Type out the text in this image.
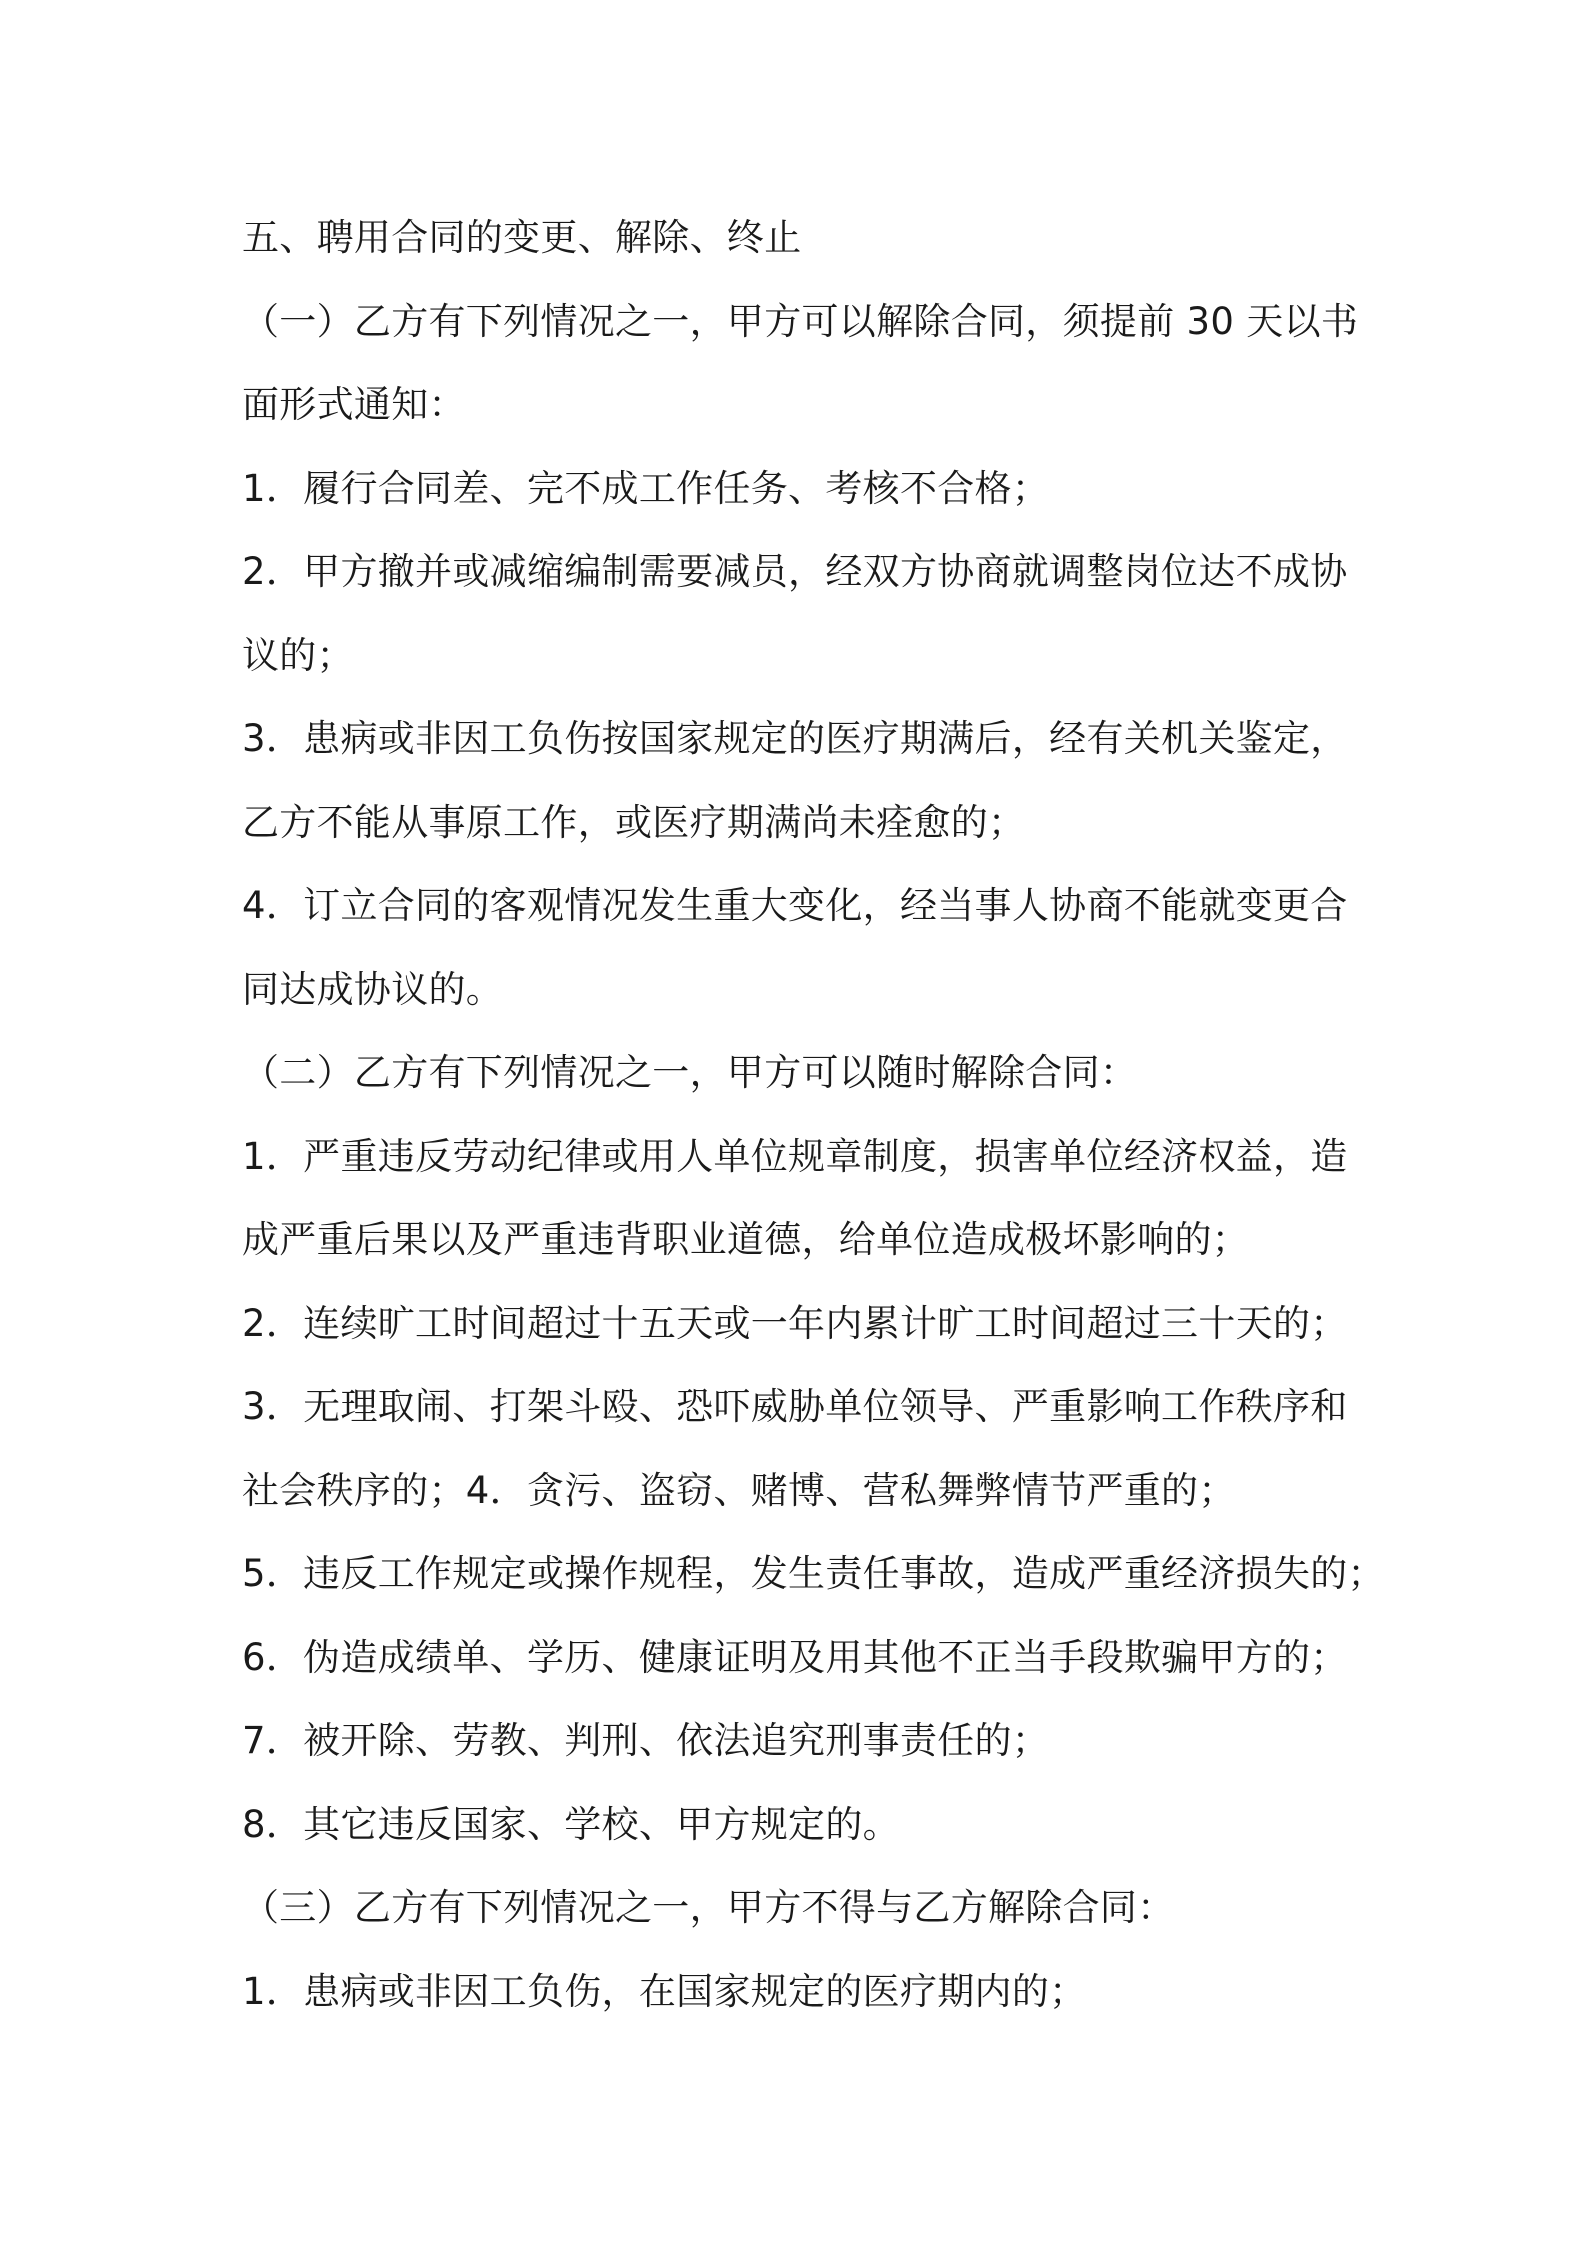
五、聘用合同的变更、解除、终止
（一）乙方有下列情况之一，甲方可以解除合同，须提前 30 天以书
面形式通知：
1．履行合同差、完不成工作任务、考核不合格；
2．甲方撤并或减缩编制需要减员，经双方协商就调整岗位达不成协
议的；
3．患病或非因工负伤按国家规定的医疗期满后，经有关机关鉴定，
乙方不能从事原工作，或医疗期满尚未痊愈的；
4．订立合同的客观情况发生重大变化，经当事人协商不能就变更合
同达成协议的。
（二）乙方有下列情况之一，甲方可以随时解除合同：
1．严重违反劳动纪律或用人单位规章制度，损害单位经济权益，造
成严重后果以及严重违背职业道德，给单位造成极坏影响的；
2．连续旷工时间超过十五天或一年内累计旷工时间超过三十天的；
3．无理取闹、打架斗殴、恐吓威胁单位领导、严重影响工作秩序和
社会秩序的；4．贪污、盗窃、赌博、营私舞弊情节严重的；
5．违反工作规定或操作规程，发生责任事故，造成严重经济损失的；
6．伪造成绩单、学历、健康证明及用其他不正当手段欺骗甲方的；
7．被开除、劳教、判刑、依法追究刑事责任的；
8．其它违反国家、学校、甲方规定的。
（三）乙方有下列情况之一，甲方不得与乙方解除合同：
1．患病或非因工负伤，在国家规定的医疗期内的；
